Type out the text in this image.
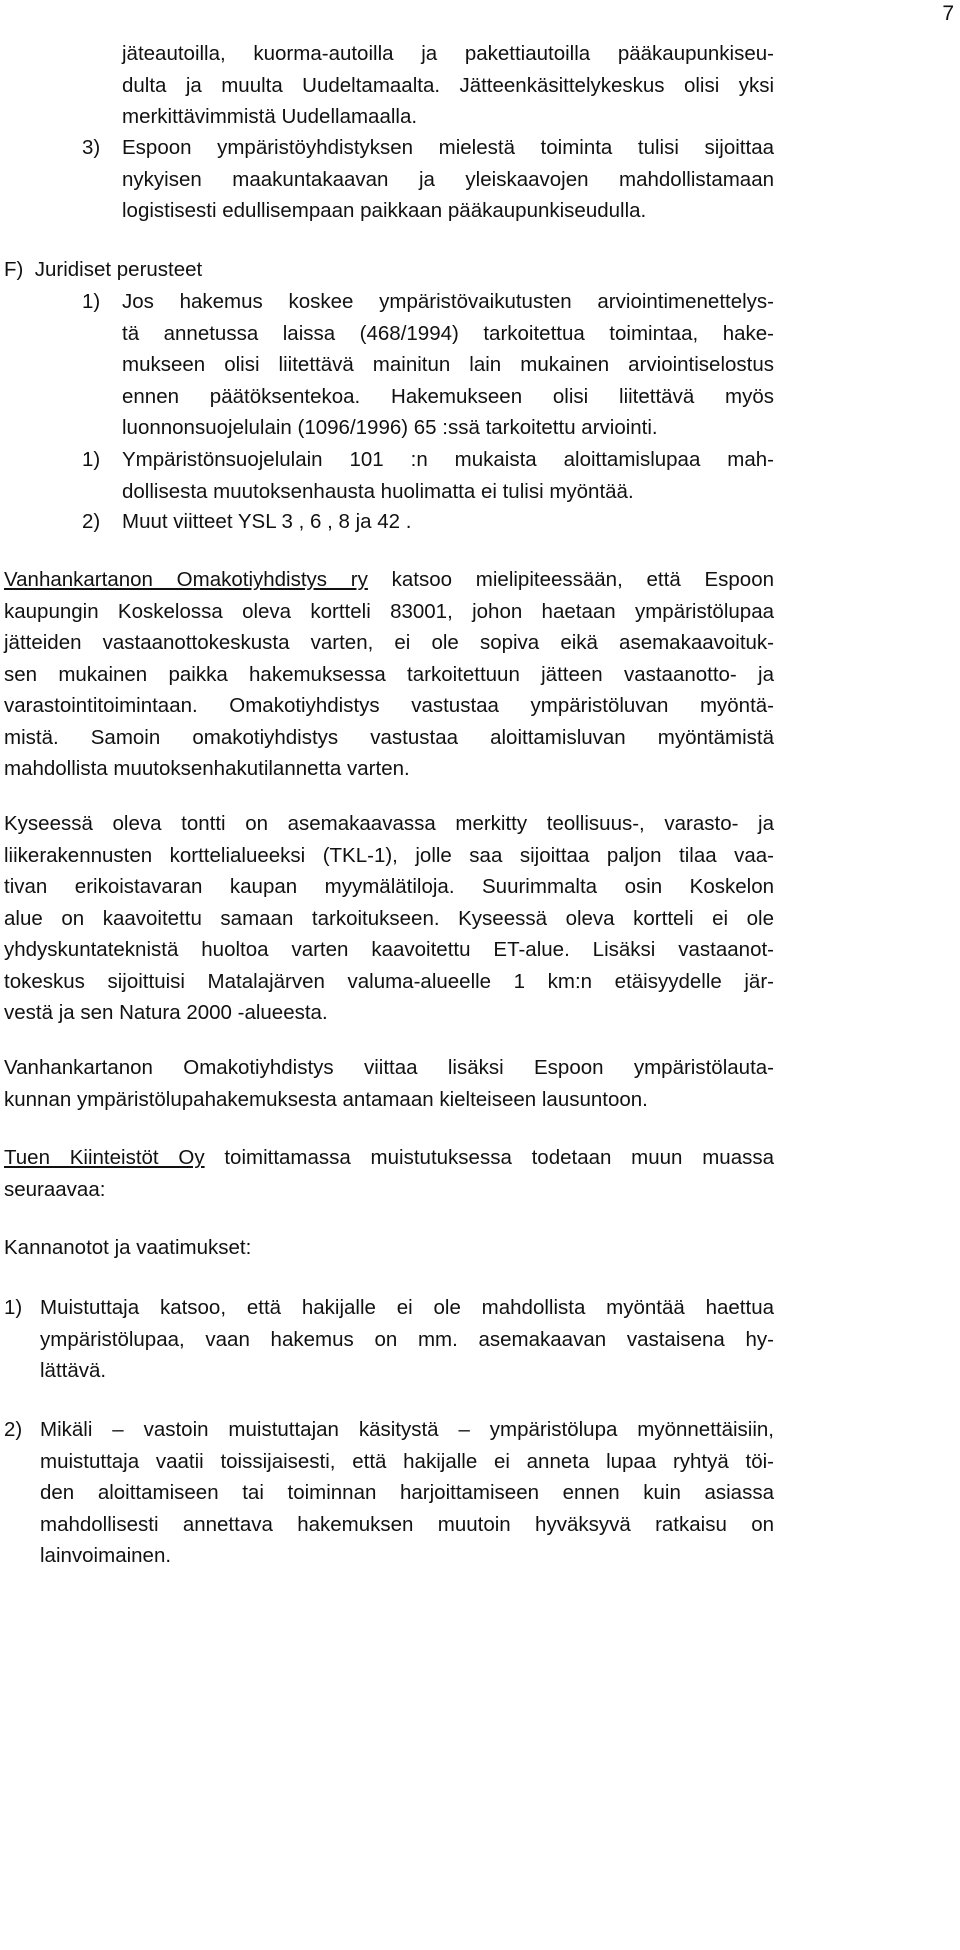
7
jäteautoilla, kuorma-autoilla ja pakettiautoilla pääkaupunkiseu-
dulta ja muulta Uudeltamaalta. Jätteenkäsittelykeskus olisi yksi
merkittävimmistä Uudellamaalla.
3) Espoon ympäristöyhdistyksen mielestä toiminta tulisi sijoittaa
nykyisen maakuntakaavan ja yleiskaavojen mahdollistamaan
logistisesti edullisempaan paikkaan pääkaupunkiseudulla.
F)  Juridiset perusteet
1) Jos hakemus koskee ympäristövaikutusten arviointimenettelys-
tä annetussa laissa (468/1994) tarkoitettua toimintaa, hake-
mukseen olisi liitettävä mainitun lain mukainen arviointiselostus
ennen päätöksentekoa. Hakemukseen olisi liitettävä myös
luonnonsuojelulain (1096/1996) 65 :ssä tarkoitettu arviointi.
1) Ympäristönsuojelulain 101 :n mukaista aloittamislupaa mah-
dollisesta muutoksenhausta huolimatta ei tulisi myöntää.
2) Muut viitteet YSL 3 , 6 , 8 ja 42 .
Vanhankartanon Omakotiyhdistys ry katsoo mielipiteessään, että Espoon
kaupungin Koskelossa oleva kortteli 83001, johon haetaan ympäristölupaa
jätteiden vastaanottokeskusta varten, ei ole sopiva eikä asemakaavoituk-
sen mukainen paikka hakemuksessa tarkoitettuun jätteen vastaanotto- ja
varastointitoimintaan. Omakotiyhdistys vastustaa ympäristöluvan myöntä-
mistä. Samoin omakotiyhdistys vastustaa aloittamisluvan myöntämistä
mahdollista muutoksenhakutilannetta varten.
Kyseessä oleva tontti on asemakaavassa merkitty teollisuus-, varasto- ja
liikerakennusten korttelialueeksi (TKL-1), jolle saa sijoittaa paljon tilaa vaa-
tivan erikoistavaran kaupan myymälätiloja. Suurimmalta osin Koskelon
alue on kaavoitettu samaan tarkoitukseen. Kyseessä oleva kortteli ei ole
yhdyskuntateknistä huoltoa varten kaavoitettu ET-alue. Lisäksi vastaanot-
tokeskus sijoittuisi Matalajärven valuma-alueelle 1 km:n etäisyydelle jär-
vestä ja sen Natura 2000 -alueesta.
Vanhankartanon Omakotiyhdistys viittaa lisäksi Espoon ympäristölauta-
kunnan ympäristölupahakemuksesta antamaan kielteiseen lausuntoon.
Tuen Kiinteistöt Oy toimittamassa muistutuksessa todetaan muun muassa
seuraavaa:
Kannanotot ja vaatimukset:
1) Muistuttaja katsoo, että hakijalle ei ole mahdollista myöntää haettua
ympäristölupaa, vaan hakemus on mm. asemakaavan vastaisena hy-
lättävä.
2) Mikäli – vastoin muistuttajan käsitystä – ympäristölupa myönnettäisiin,
muistuttaja vaatii toissijaisesti, että hakijalle ei anneta lupaa ryhtyä töi-
den aloittamiseen tai toiminnan harjoittamiseen ennen kuin asiassa
mahdollisesti annettava hakemuksen muutoin hyväksyvä ratkaisu on
lainvoimainen.
